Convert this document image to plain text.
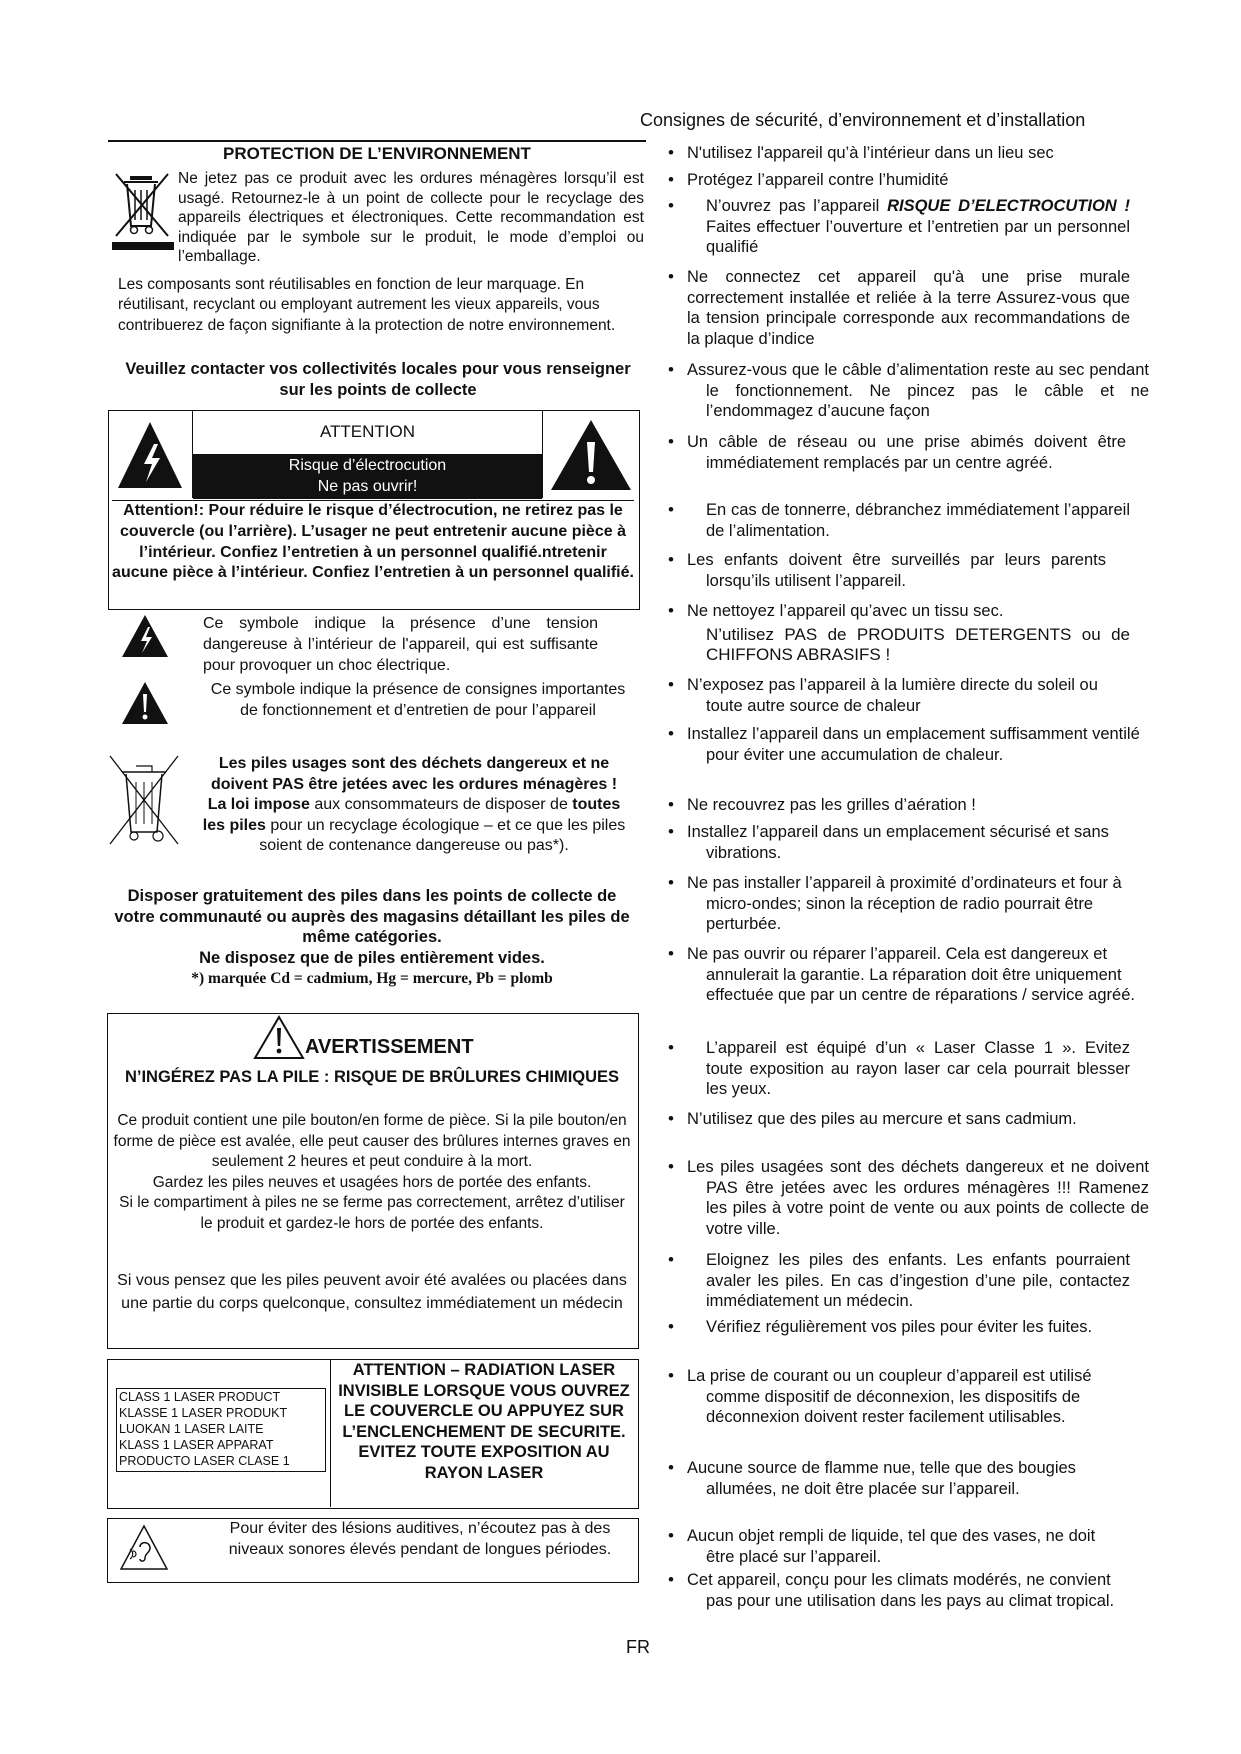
Consignes de sécurité, d’environnement et d’installation
PROTECTION DE L’ENVIRONNEMENT

Ne jetez pas ce produit avec les ordures ménagères lorsqu’il est usagé. Retournez-le à un point de collecte pour le recyclage des appareils électriques et électroniques. Cette recommandation est indiquée par le symbole sur le produit, le mode d’emploi ou l’emballage.

Les composants sont réutilisables en fonction de leur marquage. En réutilisant, recyclant ou employant autrement les vieux appareils, vous contribuerez de façon signifiante à la protection de notre environnement.

Veuillez contacter vos collectivités locales pour vous renseigner sur les points de collecte

ATTENTION
Risque d’électrocution
Ne pas ouvrir!

Attention!: Pour réduire le risque d’électrocution, ne retirez pas le couvercle (ou l’arrière). L’usager ne peut entretenir aucune pièce à l’intérieur. Confiez l’entretien à un personnel qualifié.ntretenir aucune pièce à l’intérieur. Confiez l’entretien à un personnel qualifié.

Ce symbole indique la présence d’une tension dangereuse à l’intérieur de l'appareil, qui est suffisante pour provoquer un choc électrique.

Ce symbole indique la présence de consignes importantes de fonctionnement et d’entretien de pour l’appareil

Les piles usages sont des déchets dangereux et ne doivent PAS être jetées avec les ordures ménagères ! La loi impose aux consommateurs de disposer de toutes les piles pour un recyclage écologique – et ce que les piles soient de contenance dangereuse ou pas*).

Disposer gratuitement des piles dans les points de collecte de votre communauté ou auprès des magasins détaillant les piles de même catégories.
Ne disposez que de piles entièrement vides.
*) marquée Cd = cadmium, Hg = mercure, Pb = plomb
AVERTISSEMENT

N’INGÉREZ PAS LA PILE : RISQUE DE BRÛLURES CHIMIQUES

Ce produit contient une pile bouton/en forme de pièce. Si la pile bouton/en forme de pièce est avalée, elle peut causer des brûlures internes graves en seulement 2 heures et peut conduire à la mort.

Gardez les piles neuves et usagées hors de portée des enfants.

Si le compartiment à piles ne se ferme pas correctement, arrêtez d’utiliser le produit et gardez-le hors de portée des enfants.

Si vous pensez que les piles peuvent avoir été avalées ou placées dans une partie du corps quelconque, consultez immédiatement un médecin

CLASS 1 LASER PRODUCT
KLASSE 1 LASER PRODUKT
LUOKAN 1 LASER LAITE
KLASS 1 LASER APPARAT
PRODUCTO LASER CLASE 1

ATTENTION – RADIATION LASER INVISIBLE LORSQUE VOUS OUVREZ LE COUVERCLE OU APPUYEZ SUR L’ENCLENCHEMENT DE SECURITE. EVITEZ TOUTE EXPOSITION AU RAYON LASER

Pour éviter des lésions auditives, n’écoutez pas à des niveaux sonores élevés pendant de longues périodes.

• N'utilisez l'appareil qu’à l’intérieur dans un lieu sec
• Protégez l’appareil contre l’humidité
• N’ouvrez pas l’appareil RISQUE D’ELECTROCUTION ! Faites effectuer l’ouverture et l’entretien par un personnel qualifié
• Ne connectez cet appareil qu'à une prise murale correctement installée et reliée à la terre Assurez-vous que la tension principale corresponde aux recommandations de la plaque d’indice
• Assurez-vous que le câble d’alimentation reste au sec pendant le fonctionnement. Ne pincez pas le câble et ne l’endommagez d’aucune façon
• Un câble de réseau ou une prise abimés doivent être immédiatement remplacés par un centre agréé.
• En cas de tonnerre, débranchez immédiatement l’appareil de l’alimentation.
• Les enfants doivent être surveillés par leurs parents lorsqu’ils utilisent l’appareil.
• Ne nettoyez l’appareil qu’avec un tissu sec.
N’utilisez PAS de PRODUITS DETERGENTS ou de CHIFFONS ABRASIFS !
• N’exposez pas l’appareil à la lumière directe du soleil ou toute autre source de chaleur
• Installez l’appareil dans un emplacement suffisamment ventilé pour éviter une accumulation de chaleur.
• Ne recouvrez pas les grilles d’aération !
• Installez l’appareil dans un emplacement sécurisé et sans vibrations.
• Ne pas installer l’appareil à proximité d’ordinateurs et four à micro-ondes; sinon la réception de radio pourrait être perturbée.
• Ne pas ouvrir ou réparer l’appareil. Cela est dangereux et annulerait la garantie. La réparation doit être uniquement effectuée que par un centre de réparations / service agréé.
• L’appareil est équipé d’un « Laser Classe 1 ». Evitez toute exposition au rayon laser car cela pourrait blesser les yeux.
• N’utilisez que des piles au mercure et sans cadmium.
• Les piles usagées sont des déchets dangereux et ne doivent PAS être jetées avec les ordures ménagères !!! Ramenez les piles à votre point de vente ou aux points de collecte de votre ville.
• Eloignez les piles des enfants. Les enfants pourraient avaler les piles. En cas d’ingestion d’une pile, contactez immédiatement un médecin.
• Vérifiez régulièrement vos piles pour éviter les fuites.
• La prise de courant ou un coupleur d’appareil est utilisé comme dispositif de déconnexion, les dispositifs de déconnexion doivent rester facilement utilisables.
• Aucune source de flamme nue, telle que des bougies allumées, ne doit être placée sur l’appareil.
• Aucun objet rempli de liquide, tel que des vases, ne doit être placé sur l’appareil.
• Cet appareil, conçu pour les climats modérés, ne convient pas pour une utilisation dans les pays au climat tropical.
FR
